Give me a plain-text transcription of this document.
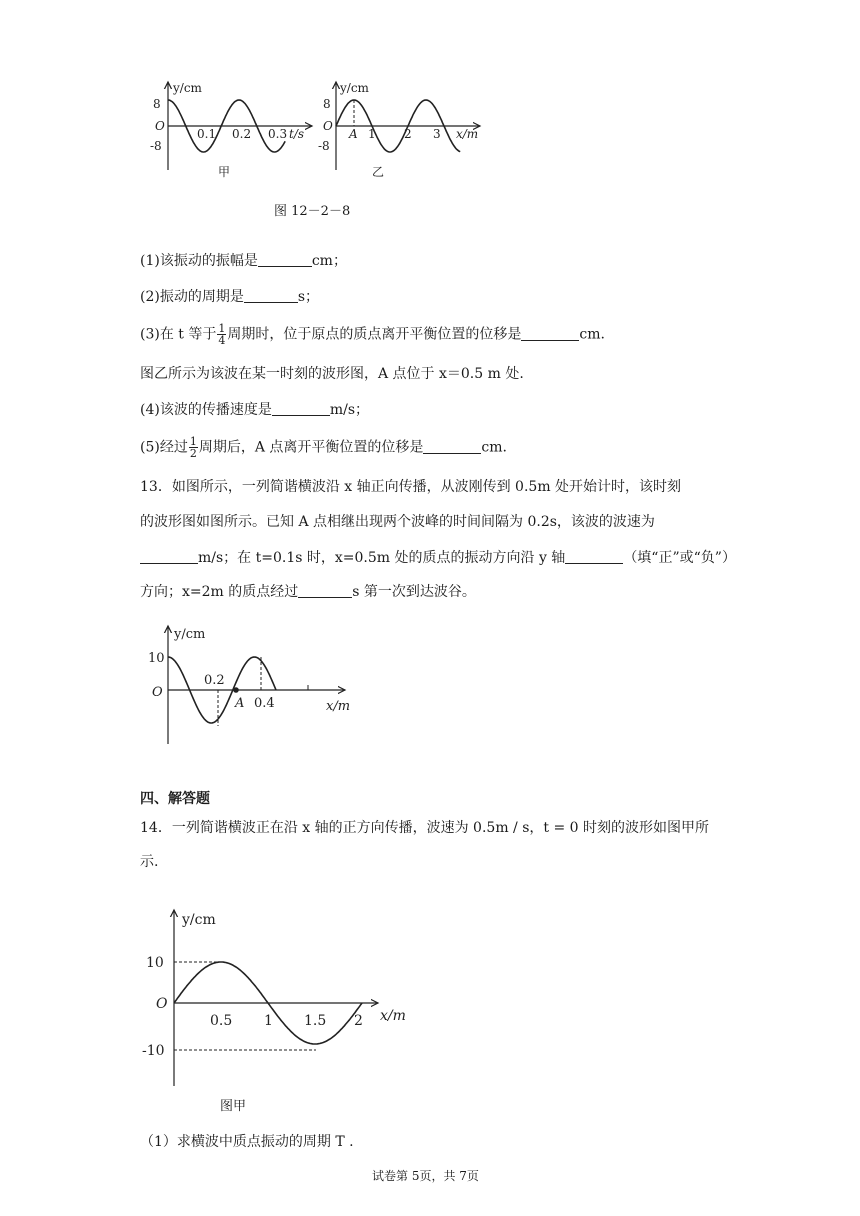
y/cm
8
O
-8
0.1 0.2 0.3 t/s
甲
y/cm
8
O
-8
A 1 2 3 x/m
乙
图 12－2－8
(1)该振动的振幅是	cm；
(2)振动的周期是	s；
(3)在 t 等于 $\frac{1}{4}$ 周期时，位于原点的质点离开平衡位置的位移是	cm.
图乙所示为该波在某一时刻的波形图，A 点位于 x＝0.5 m 处.
(4)该波的传播速度是	m/s；
(5)经过 $\frac{1}{2}$ 周期后，A 点离开平衡位置的位移是	cm.
13．如图所示，一列简谐横波沿 x 轴正向传播，从波刚传到 0.5m 处开始计时，该时刻
的波形图如图所示。已知 A 点相继出现两个波峰的时间间隔为 0.2s，该波的波速为
m/s；在 t=0.1s 时，x=0.5m 处的质点的振动方向沿 y 轴	（填“正”或“负”）
方向；x=2m 的质点经过	s 第一次到达波谷。
y/cm
10
O
0.2
A 0.4	x/m
四、解答题
14．一列简谐横波正在沿 x 轴的正方向传播，波速为 0.5m / s，t = 0 时刻的波形如图甲所
示.
y/cm
10
O
-10
0.5 1 1.5 2 x/m
图甲
（1）求横波中质点振动的周期 T .
试卷第 5页，共 7页
